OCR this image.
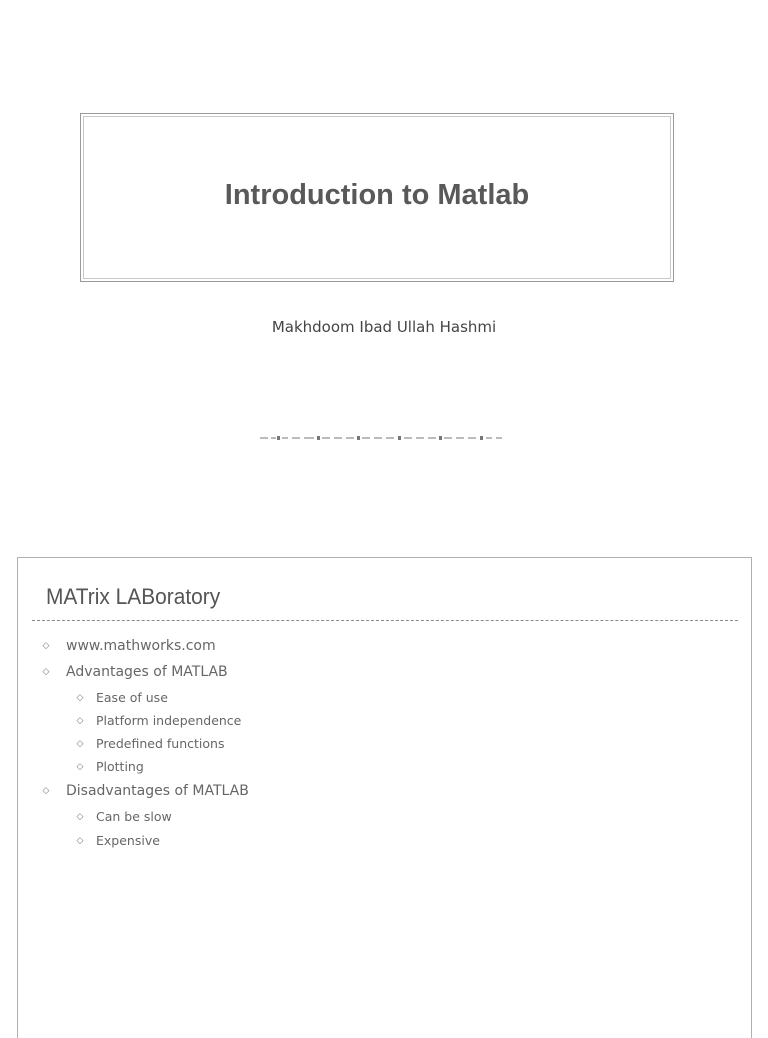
Introduction to Matlab
Makhdoom Ibad Ullah Hashmi
MATrix LABoratory
◇	www.mathworks.com
◇	Advantages of MATLAB
◇	Ease of use
◇	Platform independence
◇	Predefined functions
◇	Plotting
◇	Disadvantages of MATLAB
◇	Can be slow
◇	Expensive
